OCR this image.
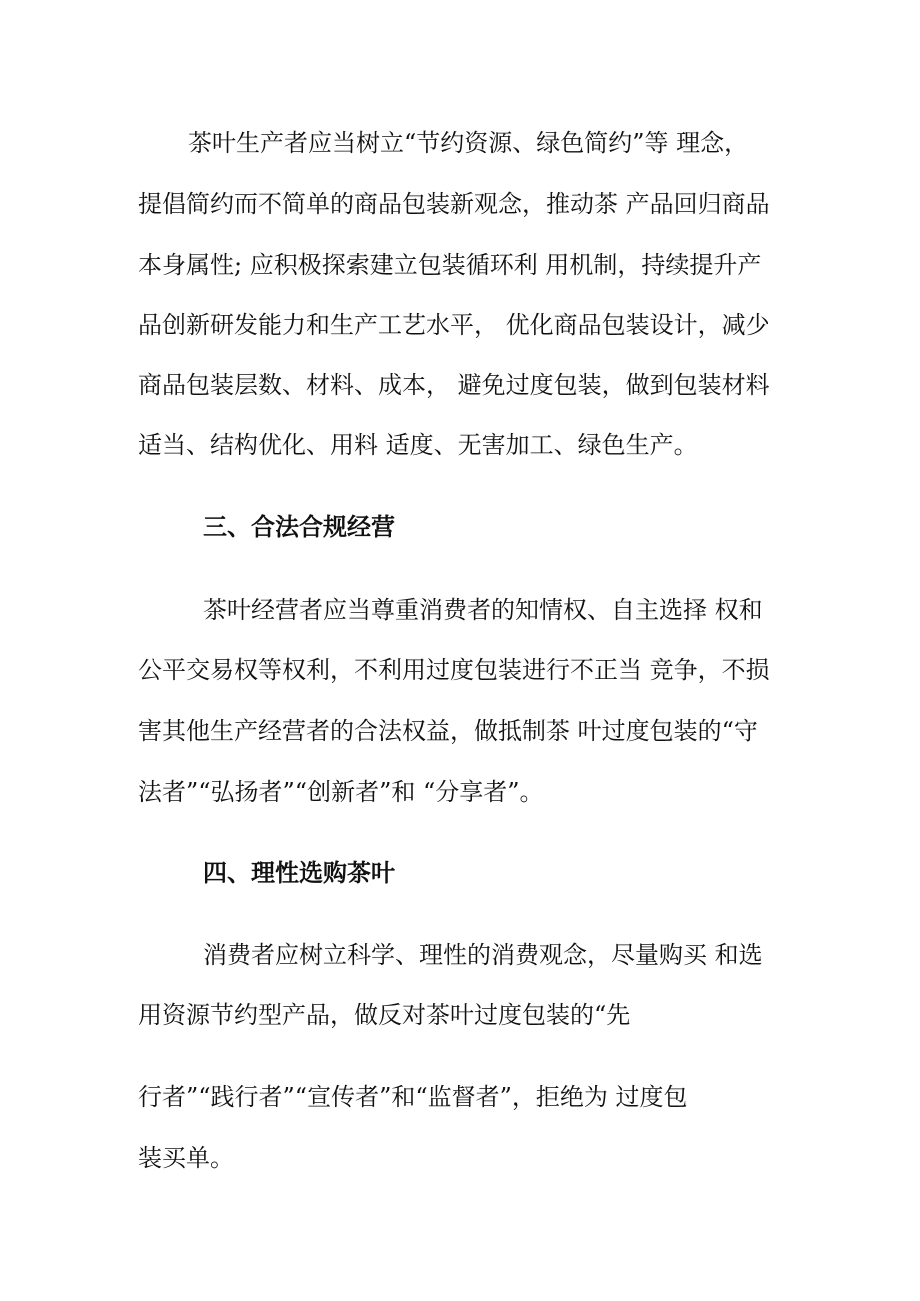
茶叶生产者应当树立“节约资源、绿色简约”等 理念，
提倡简约而不简单的商品包装新观念，推动茶 产品回归商品
本身属性; 应积极探索建立包装循环利 用机制，持续提升产
品创新研发能力和生产工艺水平， 优化商品包装设计，减少
商品包装层数、材料、成本， 避免过度包装，做到包装材料
适当、结构优化、用料 适度、无害加工、绿色生产。
三、合法合规经营
茶叶经营者应当尊重消费者的知情权、自主选择 权和
公平交易权等权利，不利用过度包装进行不正当 竞争，不损
害其他生产经营者的合法权益，做抵制茶 叶过度包装的“守
法者”“弘扬者”“创新者”和 “分享者”。
四、理性选购茶叶
消费者应树立科学、理性的消费观念，尽量购买 和选
用资源节约型产品，做反对茶叶过度包装的“先
行者”“践行者”“宣传者”和“监督者”，拒绝为 过度包
装买单。
